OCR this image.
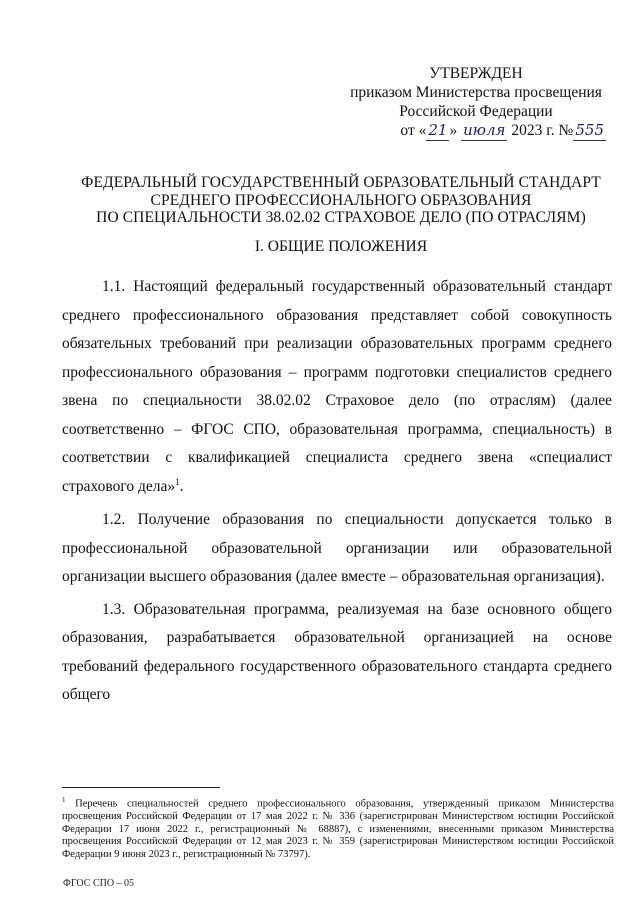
УТВЕРЖДЕН
приказом Министерства просвещения
Российской Федерации
от « 21 » июля 2023 г. № 555
ФЕДЕРАЛЬНЫЙ ГОСУДАРСТВЕННЫЙ ОБРАЗОВАТЕЛЬНЫЙ СТАНДАРТ
СРЕДНЕГО ПРОФЕССИОНАЛЬНОГО ОБРАЗОВАНИЯ
ПО СПЕЦИАЛЬНОСТИ 38.02.02 СТРАХОВОЕ ДЕЛО (ПО ОТРАСЛЯМ)
I. ОБЩИЕ ПОЛОЖЕНИЯ

1.1. Настоящий федеральный государственный образовательный стандарт среднего профессионального образования представляет собой совокупность обязательных требований при реализации образовательных программ среднего профессионального образования – программ подготовки специалистов среднего звена по специальности 38.02.02 Страховое дело (по отраслям) (далее соответственно – ФГОС СПО, образовательная программа, специальность) в соответствии с квалификацией специалиста среднего звена «специалист страхового дела»$^1$.

1.2. Получение образования по специальности допускается только в профессиональной образовательной организации или образовательной организации высшего образования (далее вместе – образовательная организация).

1.3. Образовательная программа, реализуемая на базе основного общего образования, разрабатывается образовательной организацией на основе требований федерального государственного образовательного стандарта среднего общего

$^1$ Перечень специальностей среднего профессионального образования, утвержденный приказом Министерства просвещения Российской Федерации от 17 мая 2022 г. № 336 (зарегистрирован Министерством юстиции Российской Федерации 17 июня 2022 г., регистрационный № 68887), с изменениями, внесенными приказом Министерства просвещения Российской Федерации от 12 мая 2023 г. № 359 (зарегистрирован Министерством юстиции Российской Федерации 9 июня 2023 г., регистрационный № 73797).
ФГОС СПО – 05
